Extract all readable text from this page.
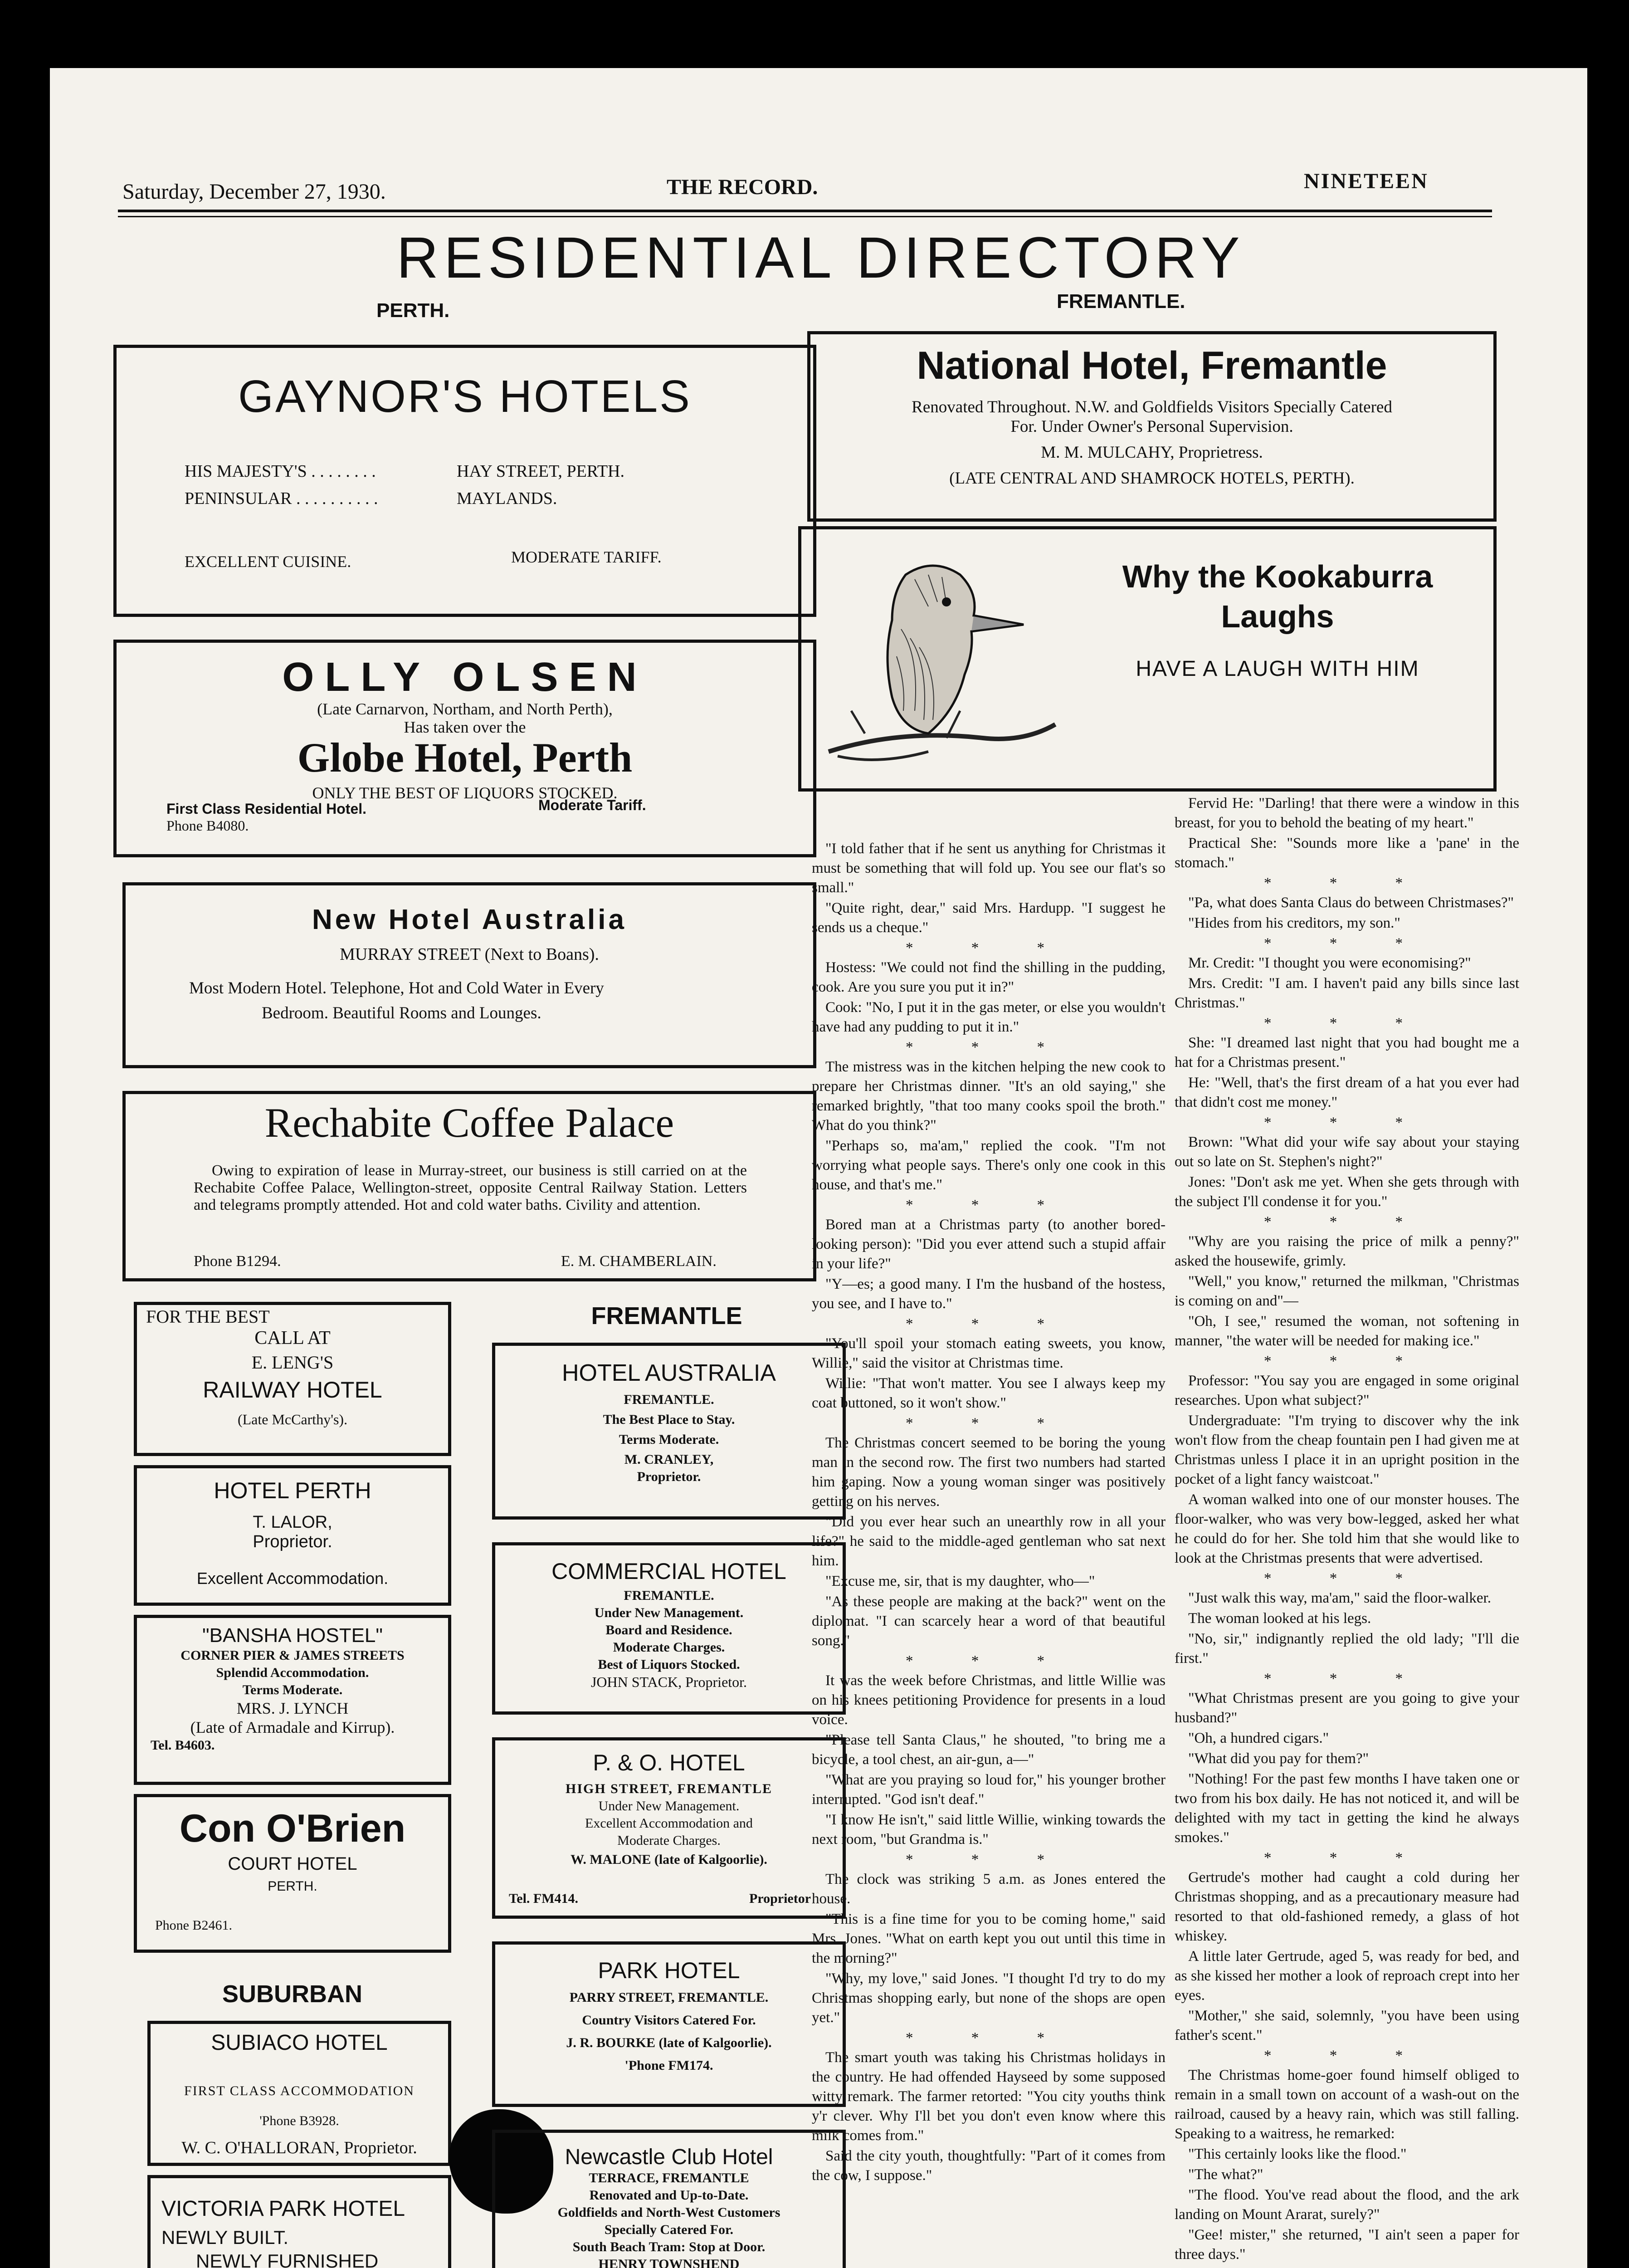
Saturday, December 27, 1930.	THE RECORD.	NINETEEN
RESIDENTIAL DIRECTORY
PERTH.	FREMANTLE.
GAYNOR'S HOTELS
HIS MAJESTY'S . . . . . . . .	HAY STREET, PERTH.
PENINSULAR . . . . . . . . . .	MAYLANDS.
EXCELLENT CUISINE.	MODERATE TARIFF.
OLLY OLSEN
(Late Carnarvon, Northam, and North Perth),
Has taken over the
Globe Hotel, Perth
ONLY THE BEST OF LIQUORS STOCKED.
First Class Residential Hotel.	Moderate Tariff.
Phone B4080.
New Hotel Australia
MURRAY STREET (Next to Boans).
Most Modern Hotel. Telephone, Hot and Cold Water in Every
Bedroom. Beautiful Rooms and Lounges.
Rechabite Coffee Palace
Owing to expiration of lease in Murray-street, our business is still carried on at the Rechabite Coffee Palace, Wellington-street, opposite Central Railway Station. Letters and telegrams promptly attended. Hot and cold water baths. Civility and attention.
Phone B1294.	E. M. CHAMBERLAIN.
FOR THE BEST
CALL AT
E. LENG'S
RAILWAY HOTEL
(Late McCarthy's).
HOTEL PERTH
T. LALOR,
Proprietor.
Excellent Accommodation.
"BANSHA HOSTEL"
CORNER PIER & JAMES STREETS
Splendid Accommodation.
Terms Moderate.
MRS. J. LYNCH
(Late of Armadale and Kirrup).
Tel. B4603.
Con O'Brien
COURT HOTEL
PERTH.
Phone B2461.
SUBURBAN
SUBIACO HOTEL
FIRST CLASS ACCOMMODATION
'Phone B3928.
W. C. O'HALLORAN, Proprietor.
VICTORIA PARK HOTEL
NEWLY BUILT.
NEWLY FURNISHED
FREMANTLE
HOTEL AUSTRALIA
FREMANTLE.
The Best Place to Stay.
Terms Moderate.
M. CRANLEY,
Proprietor.
COMMERCIAL HOTEL
FREMANTLE.
Under New Management.
Board and Residence.
Moderate Charges.
Best of Liquors Stocked.
JOHN STACK, Proprietor.
P. & O. HOTEL
HIGH STREET, FREMANTLE
Under New Management.
Excellent Accommodation and
Moderate Charges.
W. MALONE (late of Kalgoorlie).
Tel. FM414.	Proprietor
PARK HOTEL
PARRY STREET, FREMANTLE.
Country Visitors Catered For.
J. R. BOURKE (late of Kalgoorlie).
'Phone FM174.
Newcastle Club Hotel
TERRACE, FREMANTLE
Renovated and Up-to-Date.
Goldfields and North-West Customers
Specially Catered For.
South Beach Tram: Stop at Door.
HENRY TOWNSHEND
National Hotel, Fremantle
Renovated Throughout. N.W. and Goldfields Visitors Specially Catered
For. Under Owner's Personal Supervision.
M. M. MULCAHY, Proprietress.
(LATE CENTRAL AND SHAMROCK HOTELS, PERTH).
Why the Kookaburra Laughs
HAVE A LAUGH WITH HIM

"I told father that if he sent us anything for Christmas it must be something that will fold up. You see our flat's so small."

"Quite right, dear," said Mrs. Hardupp. "I suggest he sends us a cheque."

* * *

Hostess: "We could not find the shilling in the pudding, cook. Are you sure you put it in?"

Cook: "No, I put it in the gas meter, or else you wouldn't have had any pudding to put it in."

* * *

The mistress was in the kitchen helping the new cook to prepare her Christmas dinner. "It's an old saying," she remarked brightly, "that too many cooks spoil the broth." What do you think?"

"Perhaps so, ma'am," replied the cook. "I'm not worrying what people says. There's only one cook in this house, and that's me."

* * *

Bored man at a Christmas party (to another bored-looking person): "Did you ever attend such a stupid affair in your life?"

"Y—es; a good many. I I'm the husband of the hostess, you see, and I have to."

* * *

"You'll spoil your stomach eating sweets, you know, Willie," said the visitor at Christmas time.

Willie: "That won't matter. You see I always keep my coat buttoned, so it won't show."

* * *

The Christmas concert seemed to be boring the young man in the second row. The first two numbers had started him gaping. Now a young woman singer was positively getting on his nerves.

"Did you ever hear such an unearthly row in all your life?" he said to the middle-aged gentleman who sat next him.

"Excuse me, sir, that is my daughter, who—"

"As these people are making at the back?" went on the diplomat. "I can scarcely hear a word of that beautiful song."

* * *

It was the week before Christmas, and little Willie was on his knees petitioning Providence for presents in a loud voice.

"Please tell Santa Claus," he shouted, "to bring me a bicycle, a tool chest, an air-gun, a—"

"What are you praying so loud for," his younger brother interrupted. "God isn't deaf."

"I know He isn't," said little Willie, winking towards the next room, "but Grandma is."

* * *

The clock was striking 5 a.m. as Jones entered the house.

"This is a fine time for you to be coming home," said Mrs. Jones. "What on earth kept you out until this time in the morning?"

"Why, my love," said Jones. "I thought I'd try to do my Christmas shopping early, but none of the shops are open yet."

* * *

The smart youth was taking his Christmas holidays in the country. He had offended Hayseed by some supposed witty remark. The farmer retorted: "You city youths think y'r clever. Why I'll bet you don't even know where this milk comes from."

Said the city youth, thoughtfully: "Part of it comes from the cow, I suppose."

Fervid He: "Darling! that there were a window in this breast, for you to behold the beating of my heart."

Practical She: "Sounds more like a 'pane' in the stomach."

* * *

"Pa, what does Santa Claus do between Christmases?"

"Hides from his creditors, my son."

* * *

Mr. Credit: "I thought you were economising?"

Mrs. Credit: "I am. I haven't paid any bills since last Christmas."

* * *

She: "I dreamed last night that you had bought me a hat for a Christmas present."

He: "Well, that's the first dream of a hat you ever had that didn't cost me money."

* * *

Brown: "What did your wife say about your staying out so late on St. Stephen's night?"

Jones: "Don't ask me yet. When she gets through with the subject I'll condense it for you."

* * *

"Why are you raising the price of milk a penny?" asked the housewife, grimly.

"Well," you know," returned the milkman, "Christmas is coming on and"—

"Oh, I see," resumed the woman, not softening in manner, "the water will be needed for making ice."

* * *

Professor: "You say you are engaged in some original researches. Upon what subject?"

Undergraduate: "I'm trying to discover why the ink won't flow from the cheap fountain pen I had given me at Christmas unless I place it in an upright position in the pocket of a light fancy waistcoat."

A woman walked into one of our monster houses. The floor-walker, who was very bow-legged, asked her what he could do for her. She told him that she would like to look at the Christmas presents that were advertised.

* * *

"Just walk this way, ma'am," said the floor-walker.

The woman looked at his legs.

"No, sir," indignantly replied the old lady; "I'll die first."

* * *

"What Christmas present are you going to give your husband?"

"Oh, a hundred cigars."

"What did you pay for them?"

"Nothing! For the past few months I have taken one or two from his box daily. He has not noticed it, and will be delighted with my tact in getting the kind he always smokes."

* * *

Gertrude's mother had caught a cold during her Christmas shopping, and as a precautionary measure had resorted to that old-fashioned remedy, a glass of hot whiskey.

A little later Gertrude, aged 5, was ready for bed, and as she kissed her mother a look of reproach crept into her eyes.

"Mother," she said, solemnly, "you have been using father's scent."

* * *

The Christmas home-goer found himself obliged to remain in a small town on account of a wash-out on the railroad, caused by a heavy rain, which was still falling. Speaking to a waitress, he remarked:

"This certainly looks like the flood."

"The what?"

"The flood. You've read about the flood, and the ark landing on Mount Ararat, surely?"

"Gee! mister," she returned, "I ain't seen a paper for three days."
